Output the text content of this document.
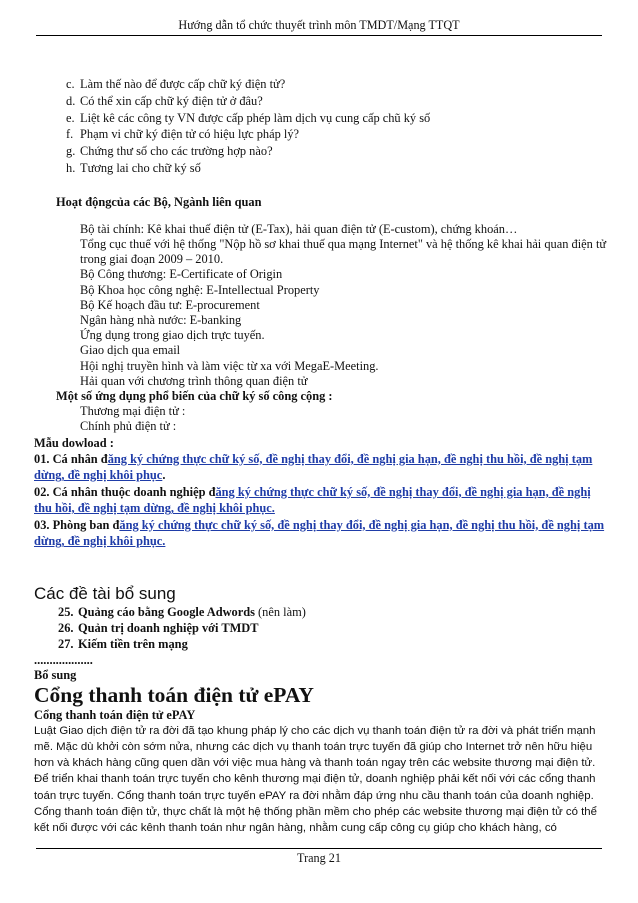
Hướng dẫn tổ chức thuyết trình môn TMDT/Mạng TTQT
c. Làm thế nào để được cấp chữ ký điện tử?
d. Có thể xin cấp chữ ký điện tử ở đâu?
e. Liệt kê các công ty VN được cấp phép làm dịch vụ cung cấp chũ ký số
f. Phạm vi chữ ký điện tử có hiệu lực pháp lý?
g. Chứng thư số cho các trường hợp nào?
h. Tương lai cho chữ ký số
Hoạt độngcủa các Bộ, Ngành liên quan
Bộ tài chính: Kê khai thuế điện tử (E-Tax), hải quan điện tử (E-custom), chứng khoán…
Tổng cục thuế với hệ thống "Nộp hồ sơ khai thuế qua mạng Internet" và hệ thống kê khai hải quan điện tử trong giai đoạn 2009 – 2010.
Bộ Công thương: E-Certificate of Origin
Bộ Khoa học công nghệ: E-Intellectual Property
Bộ Kế hoạch đầu tư: E-procurement
Ngân hàng nhà nước: E-banking
Ứng dụng trong giao dịch trực tuyến.
Giao dịch qua email
Hội nghị truyền hình và làm việc từ xa với MegaE-Meeting.
Hải quan với chương trình thông quan điện tử
Một số ứng dụng phổ biến của chữ ký số công cộng :
Thương mại điện tử :
Chính phủ điện tử :
Mẫu dowload :
01. Cá nhân đăng ký chứng thực chữ ký số, đề nghị thay đổi, đề nghị gia hạn, đề nghị thu hồi, đề nghị tạm dừng, đề nghị khôi phục.
02. Cá nhân thuộc doanh nghiệp đăng ký chứng thực chữ ký số, đề nghị thay đổi, đề nghị gia hạn, đề nghị thu hồi, đề nghị tạm dừng, đề nghị khôi phục.
03. Phòng ban đăng ký chứng thực chữ ký số, đề nghị thay đổi, đề nghị gia hạn, đề nghị thu hồi, đề nghị tạm dừng, đề nghị khôi phục.
Các đề tài bổ sung
25. Quảng cáo bằng Google Adwords (nên làm)
26. Quản trị doanh nghiệp với TMDT
27. Kiếm tiền trên mạng
...................
Bổ sung
Cổng thanh toán điện tử ePAY
Cổng thanh toán điện tử ePAY
Luật Giao dịch điện tử ra đời đã tạo khung pháp lý cho các dịch vụ thanh toán điện tử ra đời và phát triển mạnh mẽ. Mặc dù khởi còn sớm nửa, nhưng các dịch vụ thanh toán trực tuyến đã giúp cho Internet trở nên hữu hiệu hơn và khách hàng cũng quen dần với việc mua hàng và thanh toán ngay trên các website thương mại điện tử.
Để triển khai thanh toán trực tuyến cho kênh thương mại điện tử, doanh nghiệp phải kết nối với các cổng thanh toán trực tuyến. Cổng thanh toán trực tuyến ePAY ra đời nhằm đáp ứng nhu cầu thanh toán của doanh nghiệp.
Cổng thanh toán điện tử, thực chất là một hệ thống phần mềm cho phép các website thương mại điện tử có thể kết nối được với các kênh thanh toán như ngân hàng, nhằm cung cấp công cụ giúp cho khách hàng, có
Trang 21
